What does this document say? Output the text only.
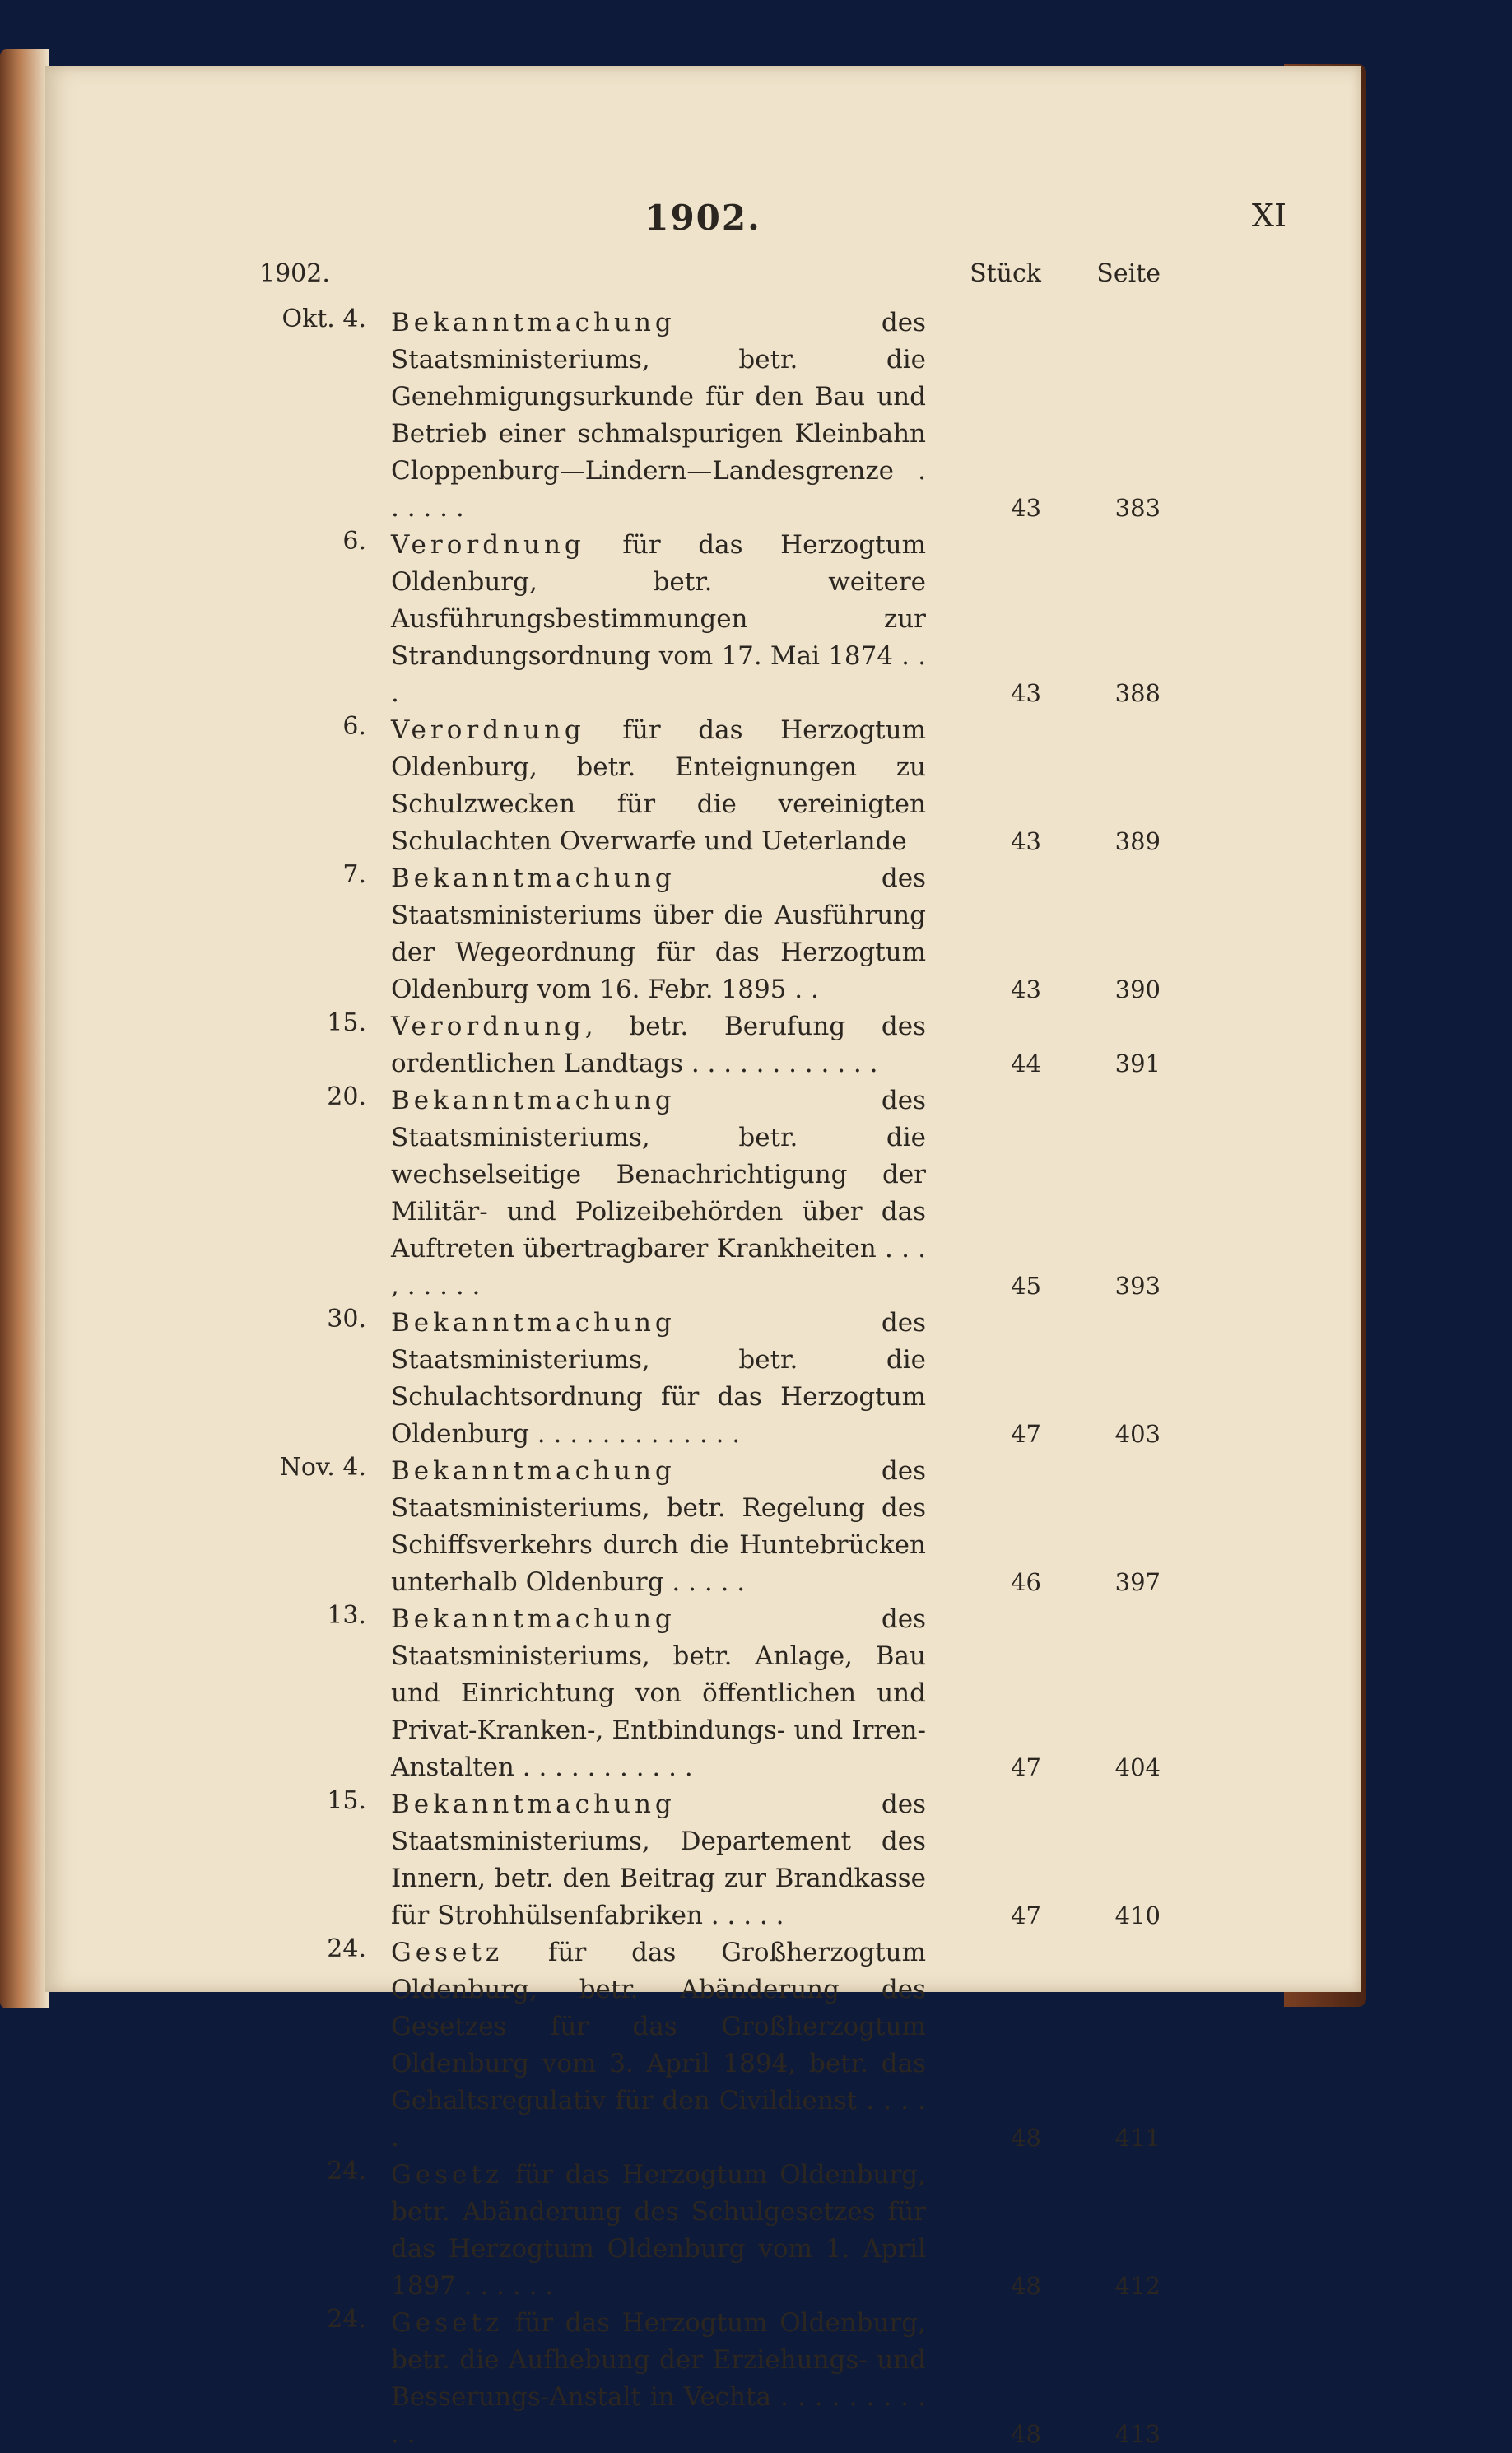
1902.	XI
1902.	Stück	Seite
Okt. 4. Bekanntmachung des Staatsministeriums, betr. die Genehmigungsurkunde für den Bau und Betrieb einer schmalspurigen Kleinbahn Cloppenburg—Lindern—Landesgrenze . . . . . .	43	383
6. Verordnung für das Herzogtum Oldenburg, betr. weitere Ausführungsbestimmungen zur Strandungsordnung vom 17. Mai 1874 . . .	43	388
6. Verordnung für das Herzogtum Oldenburg, betr. Enteignungen zu Schulzwecken für die vereinigten Schulachten Overwarfe und Ueterlande	43	389
7. Bekanntmachung des Staatsministeriums über die Ausführung der Wegeordnung für das Herzogtum Oldenburg vom 16. Febr. 1895 . .	43	390
15. Verordnung, betr. Berufung des ordentlichen Landtags . . . . . . . . . . . .	44	391
20. Bekanntmachung des Staatsministeriums, betr. die wechselseitige Benachrichtigung der Militär- und Polizeibehörden über das Auftreten übertragbarer Krankheiten . . . , . . . . .	45	393
30. Bekanntmachung des Staatsministeriums, betr. die Schulachtsordnung für das Herzogtum Oldenburg . . . . . . . . . . . . .	47	403
Nov. 4. Bekanntmachung des Staatsministeriums, betr. Regelung des Schiffsverkehrs durch die Huntebrücken unterhalb Oldenburg . . . . .	46	397
13. Bekanntmachung des Staatsministeriums, betr. Anlage, Bau und Einrichtung von öffentlichen und Privat-Kranken-, Entbindungs- und Irren-Anstalten . . . . . . . . . . .	47	404
15. Bekanntmachung des Staatsministeriums, Departement des Innern, betr. den Beitrag zur Brandkasse für Strohhülsenfabriken . . . . .	47	410
24. Gesetz für das Großherzogtum Oldenburg, betr. Abänderung des Gesetzes für das Großherzogtum Oldenburg vom 3. April 1894, betr. das Gehaltsregulativ für den Civildienst . . . . .	48	411
24. Gesetz für das Herzogtum Oldenburg, betr. Abänderung des Schulgesetzes für das Herzogtum Oldenburg vom 1. April 1897 . . . . . .	48	412
24. Gesetz für das Herzogtum Oldenburg, betr. die Aufhebung der Erziehungs- und Besserungs-Anstalt in Vechta . . . . . . . . . . .	48	413
